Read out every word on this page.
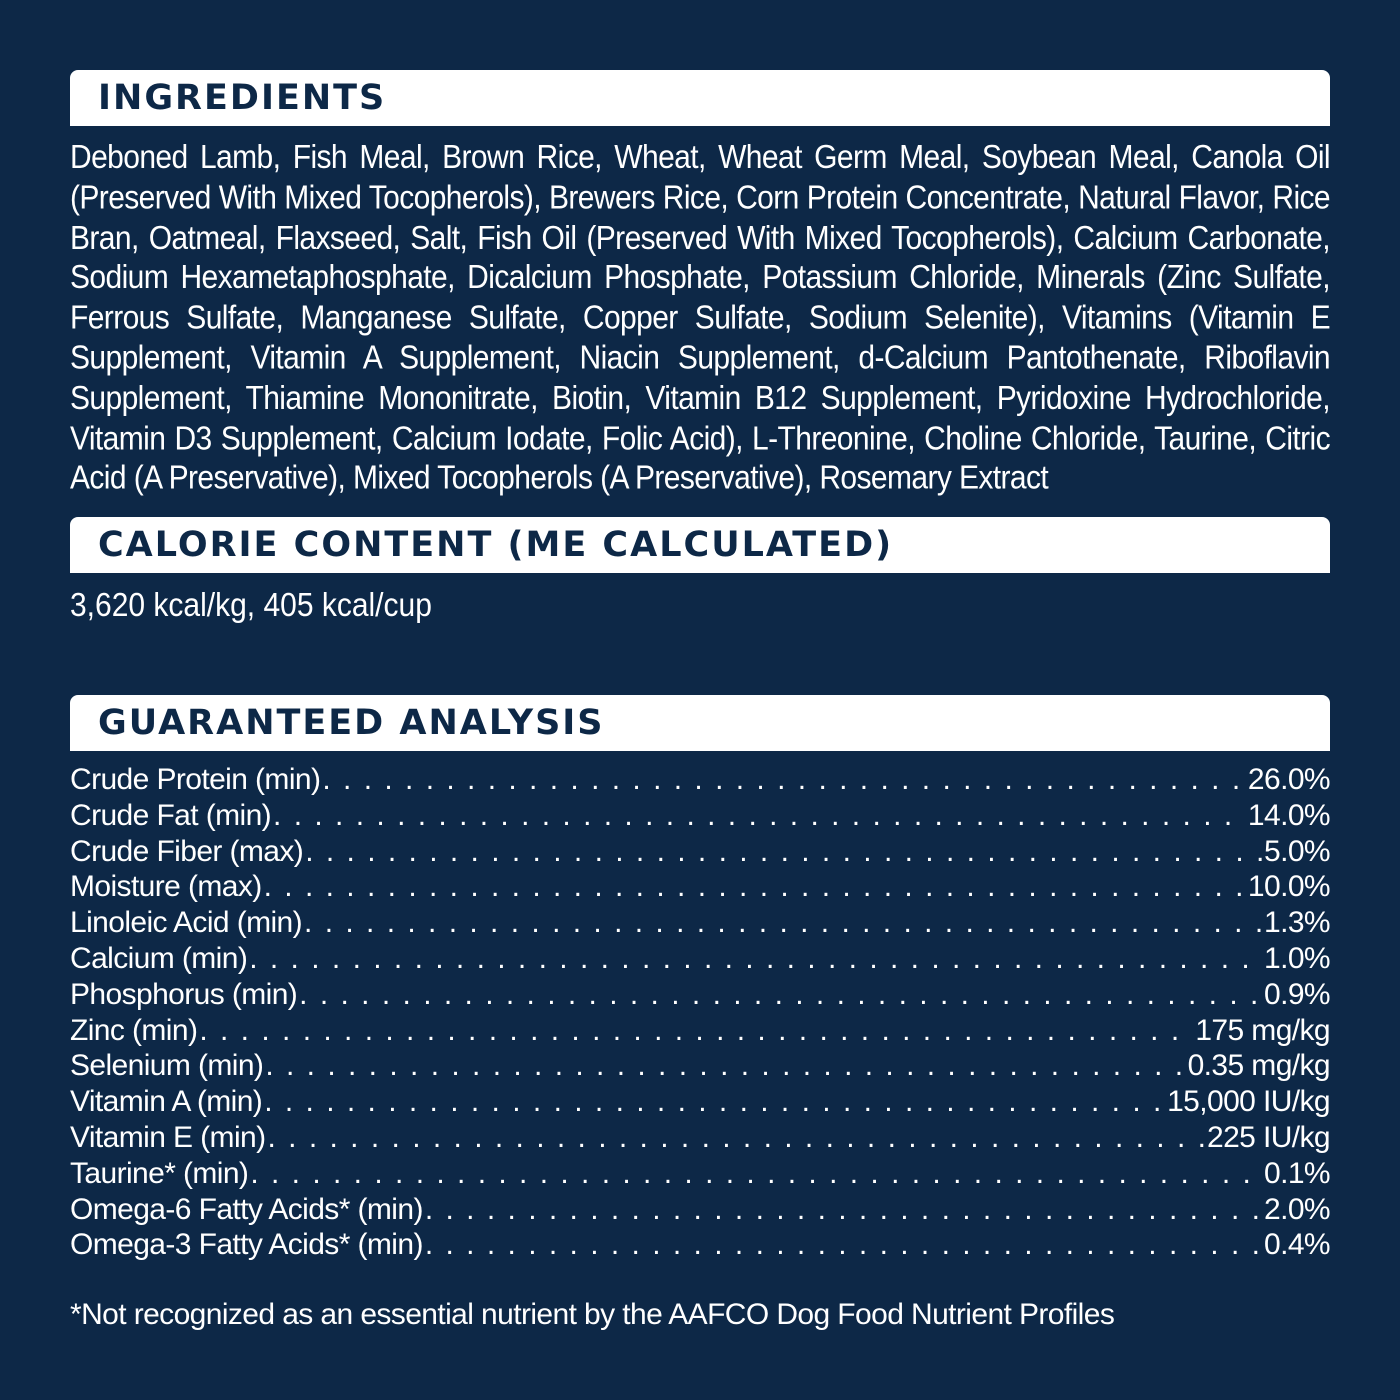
INGREDIENTS
Deboned Lamb, Fish Meal, Brown Rice, Wheat, Wheat Germ Meal, Soybean Meal, Canola Oil (Preserved With Mixed Tocopherols), Brewers Rice, Corn Protein Concentrate, Natural Flavor, Rice Bran, Oatmeal, Flaxseed, Salt, Fish Oil (Preserved With Mixed Tocopherols), Calcium Carbonate, Sodium Hexametaphosphate, Dicalcium Phosphate, Potassium Chloride, Minerals (Zinc Sulfate, Ferrous Sulfate, Manganese Sulfate, Copper Sulfate, Sodium Selenite), Vitamins (Vitamin E Supplement, Vitamin A Supplement, Niacin Supplement, d-Calcium Pantothenate, Riboflavin Supplement, Thiamine Mononitrate, Biotin, Vitamin B12 Supplement, Pyridoxine Hydrochloride, Vitamin D3 Supplement, Calcium Iodate, Folic Acid), L-Threonine, Choline Chloride, Taurine, Citric Acid (A Preservative), Mixed Tocopherols (A Preservative), Rosemary Extract
CALORIE CONTENT (ME CALCULATED)
3,620 kcal/kg, 405 kcal/cup
GUARANTEED ANALYSIS
Crude Protein (min) . . .	26.0%
Crude Fat (min) . . .	14.0%
Crude Fiber (max) . . .	5.0%
Moisture (max) . . .	10.0%
Linoleic Acid (min) . . .	1.3%
Calcium (min) . . .	1.0%
Phosphorus (min) . . .	0.9%
Zinc (min) . . .	175 mg/kg
Selenium (min) . . .	0.35 mg/kg
Vitamin A (min) . . .	15,000 IU/kg
Vitamin E (min) . . .	225 IU/kg
Taurine* (min) . . .	0.1%
Omega-6 Fatty Acids* (min) . . .	2.0%
Omega-3 Fatty Acids* (min) . . .	0.4%
*Not recognized as an essential nutrient by the AAFCO Dog Food Nutrient Profiles
